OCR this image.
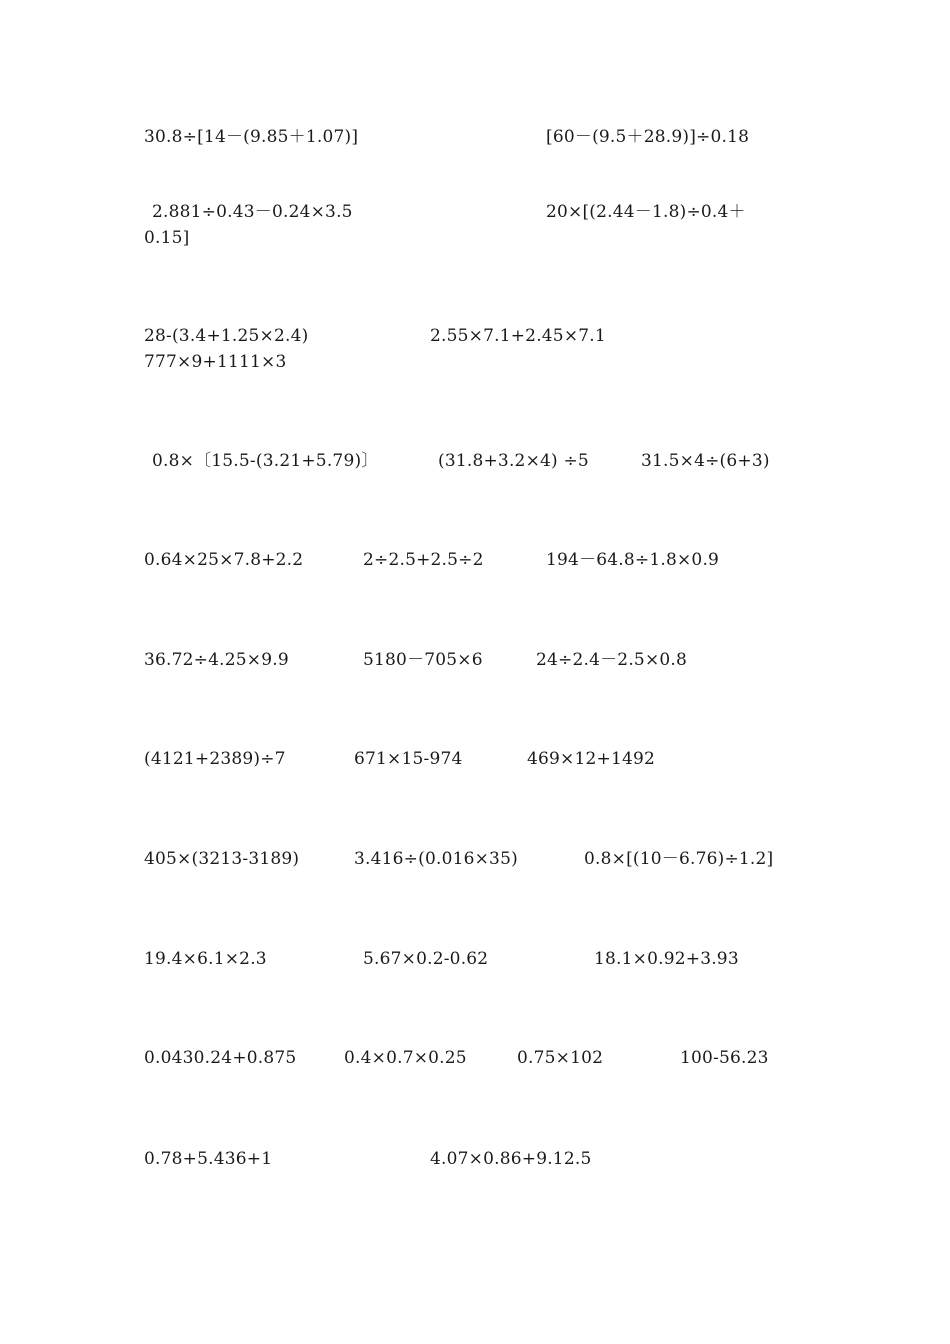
30.8÷[14－(9.85＋1.07)]	[60－(9.5＋28.9)]÷0.18
2.881÷0.43－0.24×3.5	20×[(2.44－1.8)÷0.4＋
0.15]
28-(3.4+1.25×2.4)	2.55×7.1+2.45×7.1
777×9+1111×3
0.8×〔15.5-(3.21+5.79)〕	(31.8+3.2×4) ÷5	31.5×4÷(6+3)
0.64×25×7.8+2.2	2÷2.5+2.5÷2	194－64.8÷1.8×0.9
36.72÷4.25×9.9	5180－705×6	24÷2.4－2.5×0.8
(4121+2389)÷7	671×15-974	469×12+1492
405×(3213-3189)	3.416÷(0.016×35)	0.8×[(10－6.76)÷1.2]
19.4×6.1×2.3	5.67×0.2-0.62	18.1×0.92+3.93
0.0430.24+0.875	0.4×0.7×0.25	0.75×102	100-56.23
0.78+5.436+1	4.07×0.86+9.12.5
